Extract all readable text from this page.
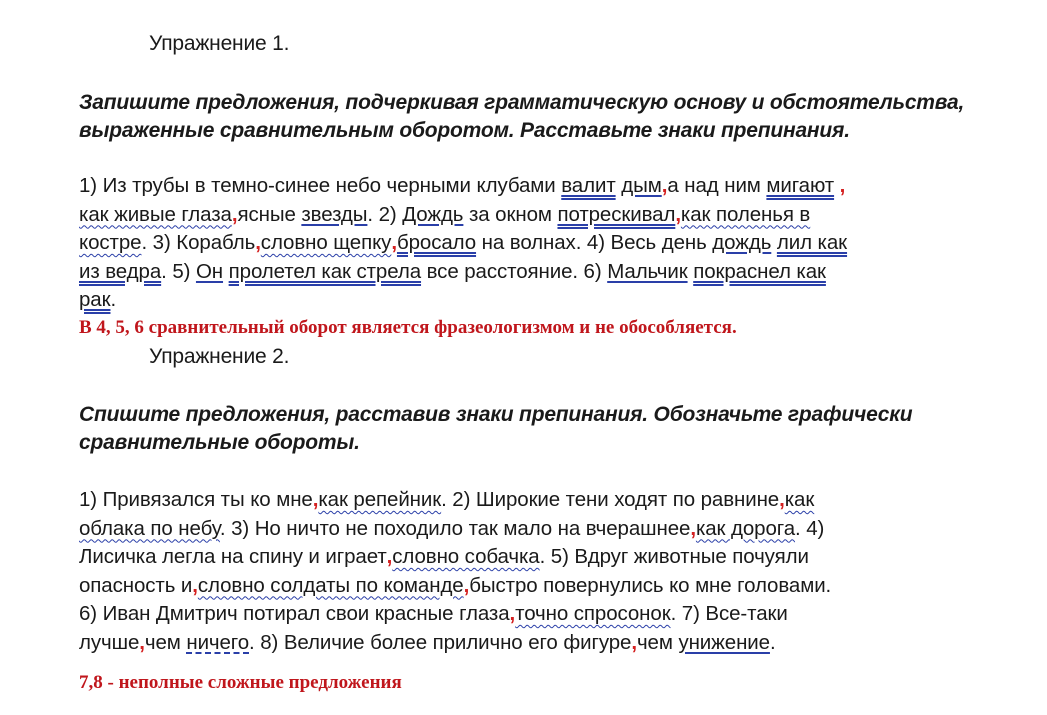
Упражнение 1.
Запишите предложения, подчеркивая грамматическую основу и обстоятельства,
выраженные сравнительным оборотом. Расставьте знаки препинания.
1) Из трубы в темно-синее небо черными клубами валит дым,а над ним мигают ,
как живые глаза,ясные звезды. 2) Дождь за окном потрескивал,как поленья в
костре. 3) Корабль,словно щепку,бросало на волнах. 4) Весь день дождь лил как
из ведра. 5) Он пролетел как стрела все расстояние. 6) Мальчик покраснел как
рак.
В 4, 5, 6 сравнительный оборот является фразеологизмом и не обособляется.
Упражнение 2.
Спишите предложения, расставив знаки препинания. Обозначьте графически
сравнительные обороты.
1) Привязался ты ко мне,как репейник. 2) Широкие тени ходят по равнине,как
облака по небу. 3) Но ничто не походило так мало на вчерашнее,как дорога. 4)
Лисичка легла на спину и играет,словно собачка. 5) Вдруг животные почуяли
опасность и,словно солдаты по команде,быстро повернулись ко мне головами.
6) Иван Дмитрич потирал свои красные глаза,точно спросонок. 7) Все-таки
лучше,чем ничего. 8) Величие более прилично его фигуре,чем унижение.
7,8 - неполные сложные предложения
